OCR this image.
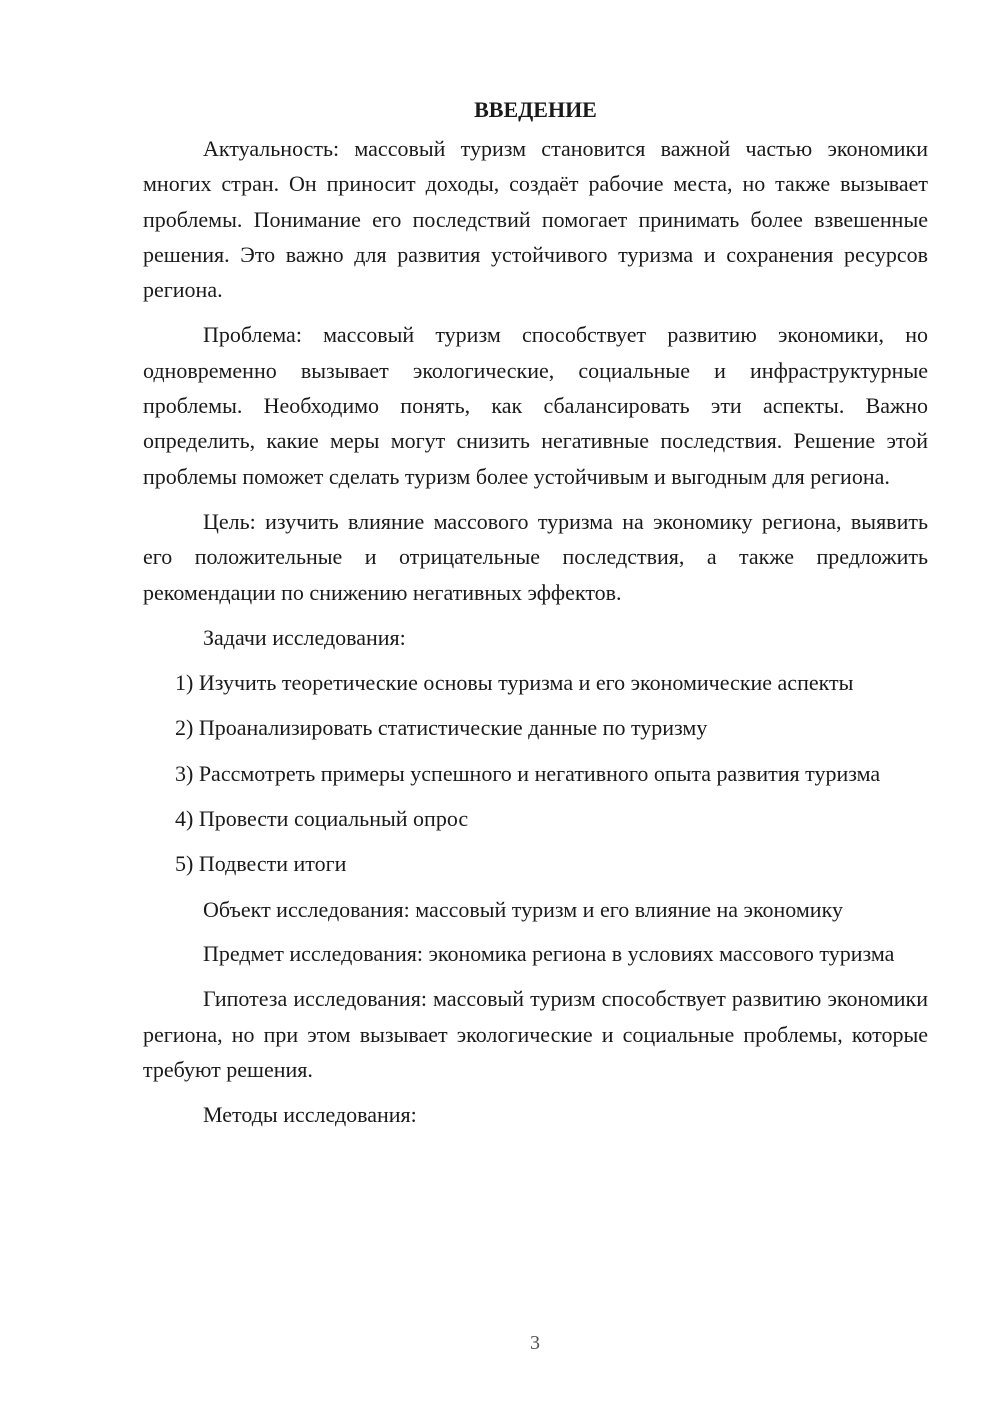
ВВЕДЕНИЕ

Актуальность: массовый туризм становится важной частью экономики многих стран. Он приносит доходы, создаёт рабочие места, но также вызывает проблемы. Понимание его последствий помогает принимать более взвешенные решения. Это важно для развития устойчивого туризма и сохранения ресурсов региона.

Проблема: массовый туризм способствует развитию экономики, но одновременно вызывает экологические, социальные и инфраструктурные проблемы. Необходимо понять, как сбалансировать эти аспекты. Важно определить, какие меры могут снизить негативные последствия. Решение этой проблемы поможет сделать туризм более устойчивым и выгодным для региона.

Цель: изучить влияние массового туризма на экономику региона, выявить его положительные и отрицательные последствия, а также предложить рекомендации по снижению негативных эффектов.

Задачи исследования:

1) Изучить теоретические основы туризма и его экономические аспекты

2) Проанализировать статистические данные по туризму

3) Рассмотреть примеры успешного и негативного опыта развития туризма

4) Провести социальный опрос

5) Подвести итоги

Объект исследования: массовый туризм и его влияние на экономику

Предмет исследования: экономика региона в условиях массового туризма

Гипотеза исследования: массовый туризм способствует развитию экономики региона, но при этом вызывает экологические и социальные проблемы, которые требуют решения.

Методы исследования:

3
